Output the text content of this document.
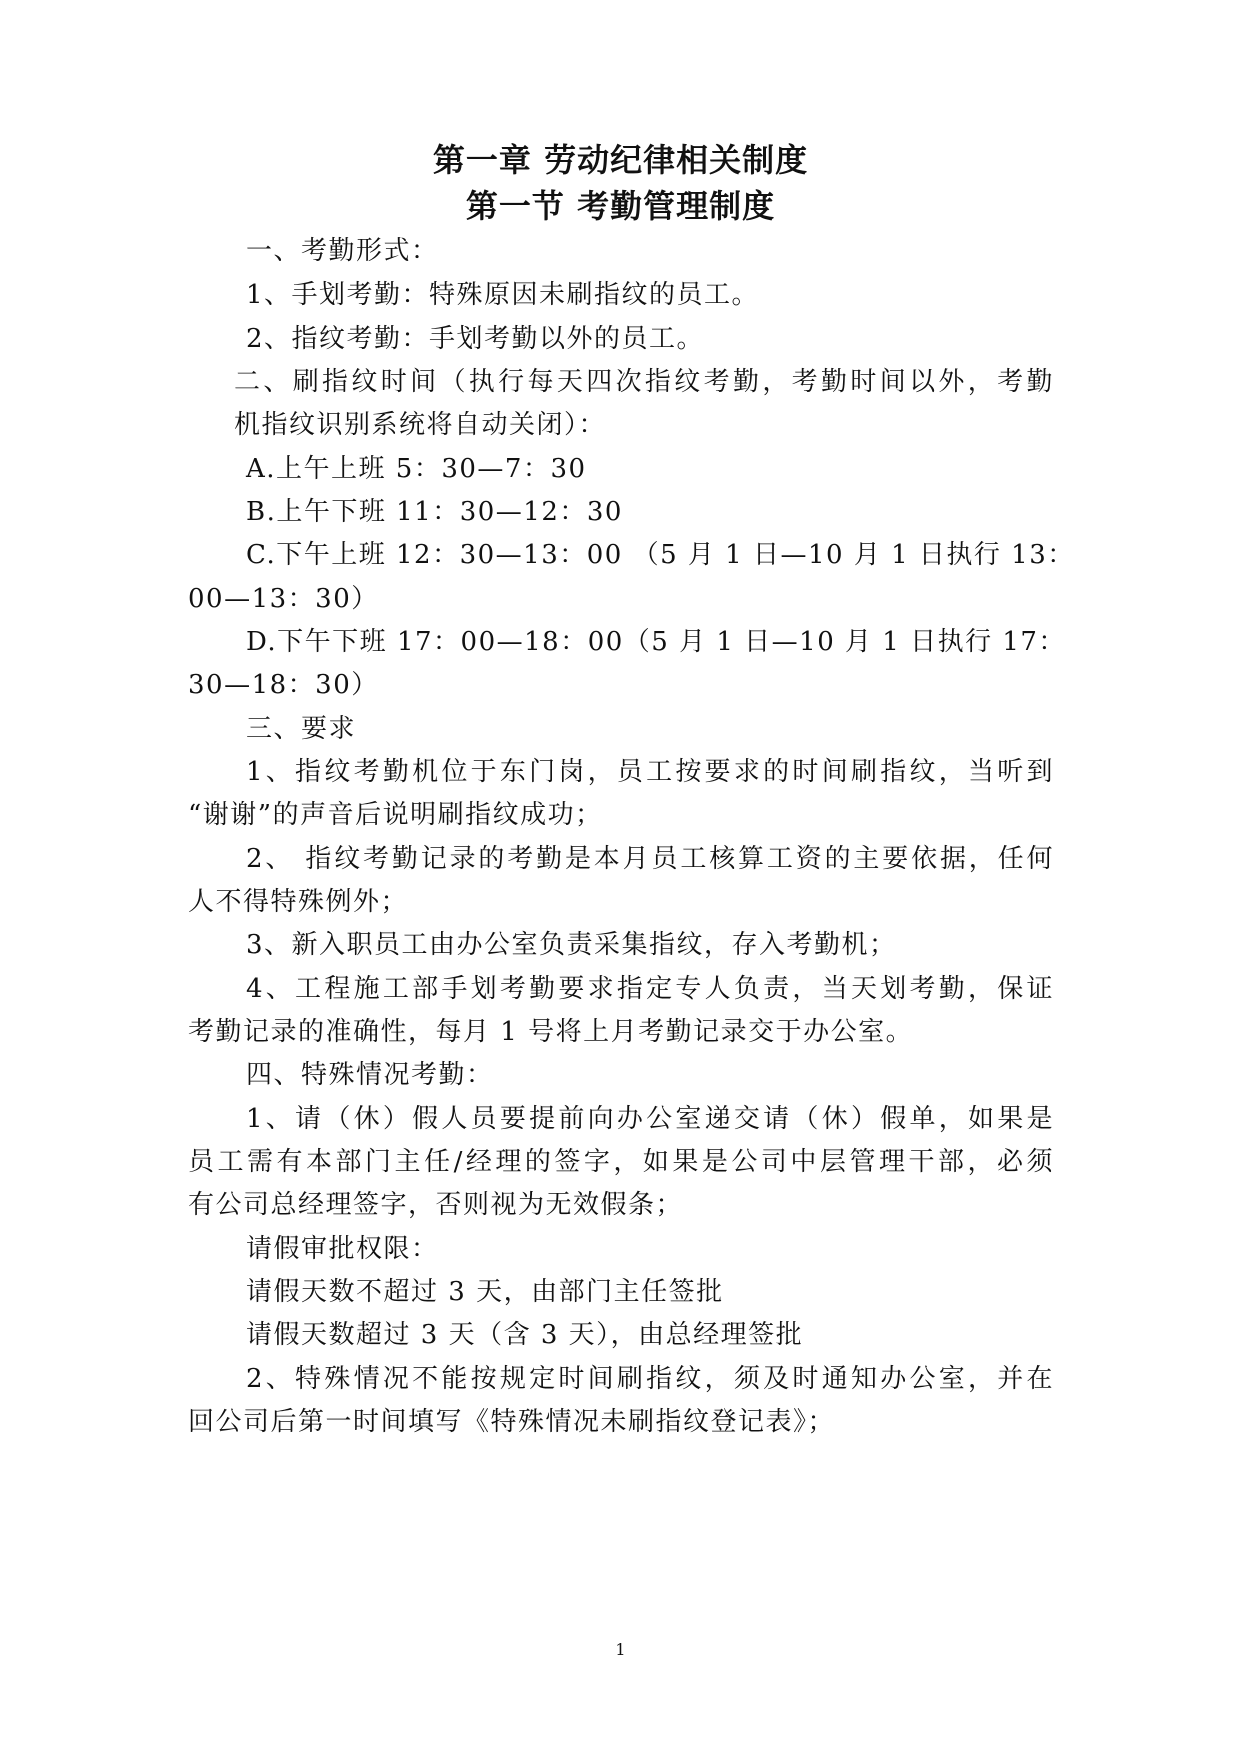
第一章 劳动纪律相关制度
第一节 考勤管理制度
一、考勤形式：
1、手划考勤：特殊原因未刷指纹的员工。
2、指纹考勤：手划考勤以外的员工。
二、刷指纹时间（执行每天四次指纹考勤，考勤时间以外，考勤
机指纹识别系统将自动关闭）：
A.上午上班 5：30—7：30
B.上午下班 11：30—12：30
C.下午上班 12：30—13：00 （5 月 1 日—10 月 1 日执行 13：
00—13：30）
D.下午下班 17：00—18：00（5 月 1 日—10 月 1 日执行 17：
30—18：30）
三、要求
1、指纹考勤机位于东门岗，员工按要求的时间刷指纹，当听到
“谢谢”的声音后说明刷指纹成功；
2、 指纹考勤记录的考勤是本月员工核算工资的主要依据，任何
人不得特殊例外；
3、新入职员工由办公室负责采集指纹，存入考勤机；
4、工程施工部手划考勤要求指定专人负责，当天划考勤，保证
考勤记录的准确性，每月 1 号将上月考勤记录交于办公室。
四、特殊情况考勤：
1、请（休）假人员要提前向办公室递交请（休）假单，如果是
员工需有本部门主任/经理的签字，如果是公司中层管理干部，必须
有公司总经理签字，否则视为无效假条；
请假审批权限：
请假天数不超过 3 天，由部门主任签批
请假天数超过 3 天（含 3 天），由总经理签批
2、特殊情况不能按规定时间刷指纹，须及时通知办公室，并在
回公司后第一时间填写《特殊情况未刷指纹登记表》；
1
